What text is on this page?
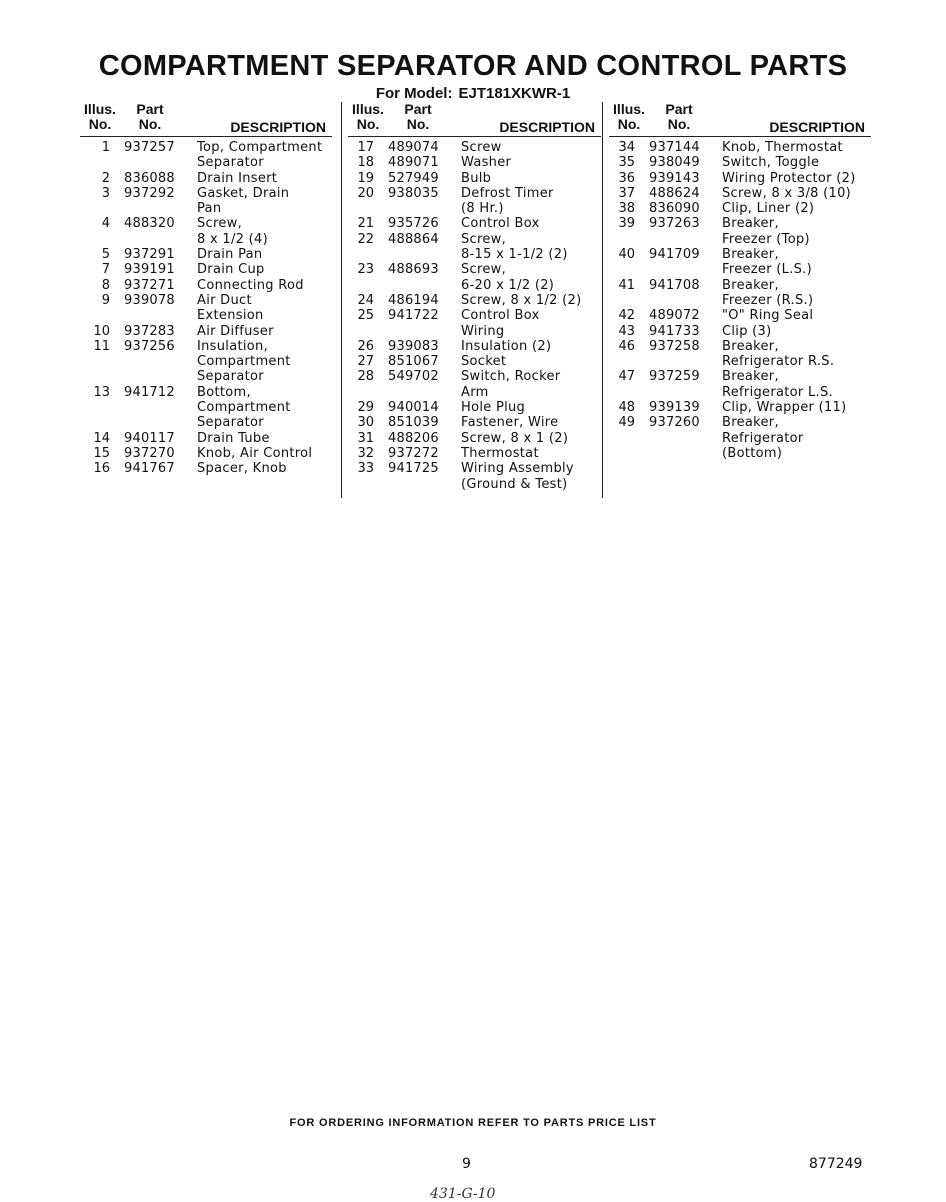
COMPARTMENT SEPARATOR AND CONTROL PARTS
For Model: EJT181XKWR-1
Illus.
No.
Part
No.	DESCRIPTION
1 937257	Top, Compartment
Separator
2 836088	Drain Insert
3 937292	Gasket, Drain
Pan
4 488320	Screw,
8 x 1/2 (4)
5 937291	Drain Pan
7 939191	Drain Cup
8 937271	Connecting Rod
9 939078	Air Duct
Extension
10 937283	Air Diffuser
11 937256	Insulation,
Compartment
Separator
13 941712	Bottom,
Compartment
Separator
14 940117	Drain Tube
15 937270	Knob, Air Control
16 941767	Spacer, Knob
Illus.
No.
Part
No.	DESCRIPTION
17 489074	Screw
18 489071	Washer
19 527949	Bulb
20 938035	Defrost Timer
(8 Hr.)
21 935726	Control Box
22 488864	Screw,
8-15 x 1-1/2 (2)
23 488693	Screw,
6-20 x 1/2 (2)
24 486194	Screw, 8 x 1/2 (2)
25 941722	Control Box
Wiring
26 939083	Insulation (2)
27 851067	Socket
28 549702	Switch, Rocker
Arm
29 940014	Hole Plug
30 851039	Fastener, Wire
31 488206	Screw, 8 x 1 (2)
32 937272	Thermostat
33 941725	Wiring Assembly
(Ground & Test)
Illus.
No.
Part
No.	DESCRIPTION
34 937144	Knob, Thermostat
35 938049	Switch, Toggle
36 939143	Wiring Protector (2)
37 488624	Screw, 8 x 3/8 (10)
38 836090	Clip, Liner (2)
39 937263	Breaker,
Freezer (Top)
40 941709	Breaker,
Freezer (L.S.)
41 941708	Breaker,
Freezer (R.S.)
42 489072	"O" Ring Seal
43 941733	Clip (3)
46 937258	Breaker,
Refrigerator R.S.
47 937259	Breaker,
Refrigerator L.S.
48 939139	Clip, Wrapper (11)
49 937260	Breaker,
Refrigerator
(Bottom)
FOR ORDERING INFORMATION REFER TO PARTS PRICE LIST
9	877249
431-G-10
